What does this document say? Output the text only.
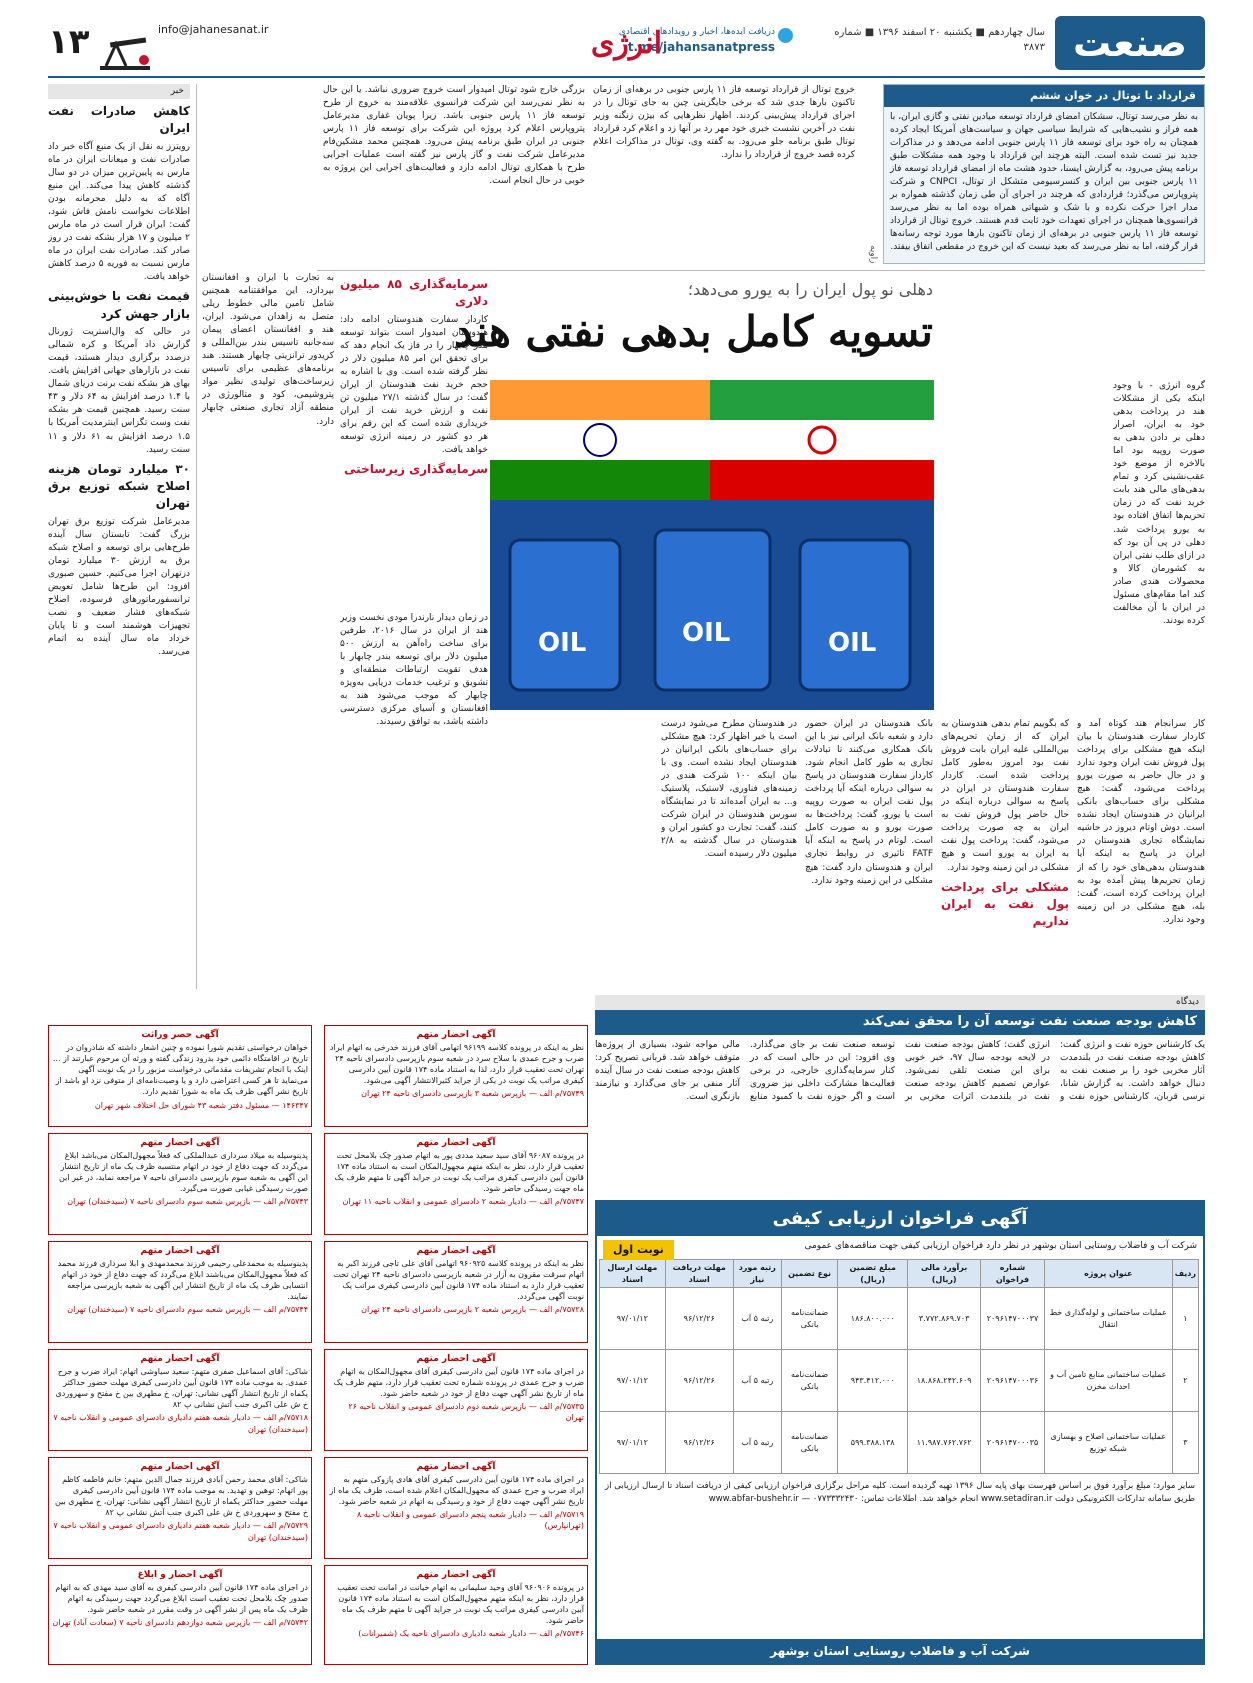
صنعت
سال چهاردهم ■ یکشنبه ۲۰ اسفند ۱۳۹۶ ■ شماره ۳۸۷۳
دریافت ایده‌ها، اخبار و رویدادهای اقتصادی
t.me/jahansanatpress
انرژی
info@jahanesanat.ir
۱۳
قرارداد با توتال در خوان ششم

به نظر می‌رسد توتال، سشکان امضای قرارداد توسعه میادین نفتی و گازی ایران، با همه فراز و نشیب‌هایی که شرایط سیاسی جهان و سیاست‌های آمریکا ایجاد کرده همچنان به راه خود برای توسعه فاز ۱۱ پارس جنوبی ادامه می‌دهد و در مذاکرات جدید نیز تست شده است. البته هرچند این قرارداد با وجود همه مشکلات طبق برنامه پیش می‌رود، به گزارش ایسنا، حدود هشت ماه از امضای قرارداد توسعه فاز ۱۱ پارس جنوبی بین ایران و کنسرسیومی متشکل از توتال، CNPCI و شرکت پتروپارس می‌گذرد؛ قراردادی که هرچند در اجرای آن طی زمان گذشته همواره بر مدار اجرا حرکت نکرده و با شک و شبهاتی همراه بوده اما به نظر می‌رسد فرانسوی‌ها همچنان در اجرای تعهدات خود ثابت قدم هستند. خروج توتال از قرارداد توسعه فاز ۱۱ پارس جنوبی در برهه‌ای از زمان تاکنون بارها مورد توجه رسانه‌ها قرار گرفته، اما به نظر می‌رسد که بعید نیست که این خروج در مقطعی اتفاق بیفتد.

زاویه
خروج توتال از قرارداد توسعه فاز ۱۱ پارس جنوبی در برهه‌ای از زمان تاکنون بارها جدی شد که برخی جایگزینی چین به جای توتال را در اجرای قرارداد پیش‌بینی کردند. اظهار نظرهایی که بیژن زنگنه وزیر نفت در آخرین نشست خبری خود مهر رد بر آنها زد و اعلام کرد قرارداد توتال طبق برنامه جلو می‌رود. به گفته وی، توتال در مذاکرات اعلام کرده قصد خروج از قرارداد را ندارد.
بزرگی خارج شود توتال امیدوار است خروج ضروری نباشد. یا این حال به نظر نمی‌رسد این شرکت فرانسوی علاقه‌مند به خروج از طرح توسعه فاز ۱۱ پارس جنوبی باشد. زیرا پویان غفاری مدیرعامل پتروپارس اعلام کرد پروژه این شرکت برای توسعه فاز ۱۱ پارس جنوبی در ایران طبق برنامه پیش می‌رود. همچنین محمد مشکین‌فام مدیرعامل شرکت نفت و گاز پارس نیز گفته است عملیات اجرایی طرح با همکاری توتال ادامه دارد و فعالیت‌های اجرایی این پروژه به خوبی در حال انجام است.
دهلی نو پول ایران را به یورو می‌دهد؛
تسویه کامل بدهی نفتی هند
OIL	OIL	OIL

گروه انرژی - با وجود اینکه یکی از مشکلات هند در پرداخت بدهی خود به ایران، اصرار دهلی بر دادن بدهی به صورت روپیه بود اما بالاخره از موضع خود عقب‌نشینی کرد و تمام بدهی‌های مالی هند بابت خرید نفت که در زمان تحریم‌ها اتفاق افتاده بود به یورو پرداخت شد. دهلی در پی آن بود که در ازای طلب نفتی ایران به کشورمان کالا و محصولات هندی صادر کند اما مقام‌های مسئول در ایران با آن مخالفت کرده بودند.

کار سرانجام هند کوتاه آمد و کاردار سفارت هندوستان با بیان اینکه هیچ مشکلی برای پرداخت پول فروش نفت ایران وجود ندارد و در حال حاضر به صورت یورو پرداخت می‌شود، گفت: هیچ مشکلی برای حساب‌های بانکی ایرانیان در هندوستان ایجاد نشده است. دوش اوتام دیروز در حاشیه نمایشگاه تجاری هندوستان در ایران در پاسخ به اینکه آیا هندوستان بدهی‌های خود را که از زمان تحریم‌ها پیش آمده بود به ایران پرداخت کرده است، گفت: بله، هیچ مشکلی در این زمینه وجود ندارد.

که بگوییم تمام بدهی هندوستان به ایران که از زمان تحریم‌های بین‌المللی علیه ایران بابت فروش نفت بود امروز به‌طور کامل پرداخت شده است. کاردار سفارت هندوستان در ایران در پاسخ به سوالی درباره اینکه در حال حاضر پول فروش نفت به ایران به چه صورت پرداخت می‌شود، گفت: پرداخت پول نفت به ایران به یورو است و هیچ مشکلی در این زمینه وجود ندارد.

مشکلی برای پرداخت پول نفت به ایران نداریم

بانک هندوستان در ایران حضور دارد و شعبه بانک ایرانی نیز با این بانک همکاری می‌کنند تا تبادلات تجاری به طور کامل انجام شود. کاردار سفارت هندوستان در پاسخ به سوالی درباره اینکه آیا پرداخت پول نفت ایران به صورت روپیه است یا یورو، گفت: پرداخت‌ها به صورت یورو و به صورت کامل است. لوتام در پاسخ به اینکه آیا FATF تاثیری در روابط تجاری ایران و هندوستان دارد گفت: هیچ مشکلی در این زمینه وجود ندارد.

در هندوستان مطرح می‌شود درست است یا خیر اظهار کرد: هیچ مشکلی برای حساب‌های بانکی ایرانیان در هندوستان ایجاد نشده است. وی با بیان اینکه ۱۰۰ شرکت هندی در زمینه‌های فناوری، لاستیک، پلاستیک و... به ایران آمده‌اند تا در نمایشگاه سورس هندوستان در ایران شرکت کنند، گفت: تجارت دو کشور ایران و هندوستان در سال گذشته به ۲/۸ میلیون دلار رسیده است.

سرمایه‌گذاری ۸۵ میلیون دلاری

کاردار سفارت هندوستان ادامه داد: هندوستان امیدوار است بتواند توسعه بندر چابهار را در فاز یک انجام دهد که برای تحقق این امر ۸۵ میلیون دلار در نظر گرفته شده است. وی با اشاره به حجم خرید نفت هندوستان از ایران گفت: در سال گذشته ۲۷/۱ میلیون تن نفت و ارزش خرید نفت از ایران خریداری شده است که این رقم برای هر دو کشور در زمینه انرژی توسعه خواهد یافت.

سرمایه‌گذاری زیرساختی

در زمان دیدار نارندرا مودی نخست وزیر هند از ایران در سال ۲۰۱۶، طرفین برای ساخت راه‌آهن به ارزش ۵۰۰ میلیون دلار برای توسعه بندر چابهار با هدف تقویت ارتباطات منطقه‌ای و تشویق و ترغیب خدمات دریایی به‌ویژه چابهار که موجب می‌شود هند به افغانستان و آسیای مرکزی دسترسی داشته باشد، به توافق رسیدند.

به تجارت با ایران و افغانستان بپردازد، این موافقتنامه همچنین شامل تامین مالی خطوط ریلی متصل به زاهدان می‌شود. ایران، هند و افغانستان اعضای پیمان سه‌جانبه تاسیس بندر بین‌المللی و کریدور ترانزیتی چابهار هستند. هند برنامه‌های عظیمی برای تاسیس زیرساخت‌های تولیدی نظیر مواد پتروشیمی، کود و متالورژی در منطقه آزاد تجاری صنعتی چابهار دارد.

خبر
کاهش صادرات نفت ایران

رویترز به نقل از یک منبع آگاه خبر داد صادرات نفت و میعانات ایران در ماه مارس به پایین‌ترین میزان در دو سال گذشته کاهش پیدا می‌کند. این منبع آگاه که به دلیل محرمانه بودن اطلاعات نخواست نامش فاش شود، گفت: ایران قرار است در ماه مارس ۲ میلیون و ۱۷ هزار بشکه نفت در روز صادر کند. صادرات نفت ایران در ماه مارس نسبت به فوریه ۵ درصد کاهش خواهد یافت.

قیمت نفت با خوش‌بینی بازار جهش کرد

در حالی که وال‌استریت ژورنال گزارش داد آمریکا و کره شمالی درصدد برگزاری دیدار هستند، قیمت نفت در بازارهای جهانی افزایش یافت. بهای هر بشکه نفت برنت دریای شمال با ۱.۴ درصد افزایش به ۶۴ دلار و ۴۳ سنت رسید. همچنین قیمت هر بشکه نفت وست تگزاس اینترمدیت آمریکا با ۱.۵ درصد افزایش به ۶۱ دلار و ۱۱ سنت رسید.

۳۰ میلیارد تومان هزینه اصلاح شبکه توزیع برق تهران

مدیرعامل شرکت توزیع برق تهران بزرگ گفت: تابستان سال آینده طرح‌هایی برای توسعه و اصلاح شبکه برق به ارزش ۳۰ میلیارد تومان درتهران اجرا می‌کنیم. حسین صبوری افزود: این طرح‌ها شامل تعویض ترانسفورماتورهای فرسوده، اصلاح شبکه‌های فشار ضعیف و نصب تجهیزات هوشمند است و تا پایان خرداد ماه سال آینده به اتمام می‌رسد.

دیدگاه
کاهش بودجه صنعت نفت توسعه آن را محقق نمی‌کند

یک کارشناس حوزه نفت و انرژی گفت: کاهش بودجه صنعت نفت در بلندمدت آثار مخربی خود را بر صنعت نفت به دنبال خواهد داشت. به گزارش شانا، نرسی قربان، کارشناس حوزه نفت و انرژی گفت: کاهش بودجه صنعت نفت در لایحه بودجه سال ۹۷، خبر خوبی برای این صنعت تلقی نمی‌شود. عوارض تصمیم کاهش بودجه صنعت نفت در بلندمدت اثرات مخربی بر توسعه صنعت نفت بر جای می‌گذارد. وی افزود: این در حالی است که در کنار سرمایه‌گذاری خارجی، در برخی فعالیت‌ها مشارکت داخلی نیز ضروری است و اگر حوزه نفت با کمبود منابع مالی مواجه شود، بسیاری از پروژه‌ها متوقف خواهد شد. قربانی تصریح کرد: کاهش بودجه صنعت نفت در سال آینده آثار منفی بر جای می‌گذارد و نیازمند بازنگری است.

آگهی احضار متهم
نظر به اینکه در پرونده کلاسه ۹۶۱۹۹ اتهامی آقای فرزند خدرخی به اتهام ایراد ضرب و جرح عمدی با سلاح سرد در شعبه سوم بازپرسی دادسرای ناحیه ۲۴ تهران تحت تعقیب قرار دارد، لذا به استناد ماده ۱۷۴ قانون آیین دادرسی کیفری مراتب یک نوبت در یکی از جراید کثیرالانتشار آگهی می‌شود.
۷۵۷۴۹/م الف — بازپرس شعبه ۳ بازپرسی دادسرای ناحیه ۲۴ تهران
آگهی حصر وراثت
خواهان درخواستی تقدیم شورا نموده و چنین اشعار داشته که شادروان در تاریخ در اقامتگاه دائمی خود بدرود زندگی گفته و ورثه آن مرحوم عبارتند از ... اینک با انجام تشریفات مقدماتی درخواست مزبور را در یک نوبت آگهی می‌نماید تا هر کسی اعتراضی دارد و یا وصیت‌نامه‌ای از متوفی نزد او باشد از تاریخ نشر آگهی ظرف یک ماه به شورا تقدیم دارد.
۱۴۶۳۴۷ — مسئول دفتر شعبه ۴۳ شورای حل اختلاف شهر تهران
آگهی احضار متهم
در پرونده ۹۶۰۸۷ آقای سید سعید مددی پور به اتهام صدور چک بلامحل تحت تعقیب قرار دارد، نظر به اینکه متهم مجهول‌المکان است به استناد ماده ۱۷۴ قانون آیین دادرسی کیفری مراتب یک نوبت در جراید آگهی تا متهم ظرف یک ماه جهت رسیدگی حاضر شود.
۷۵۷۴۷/م الف — دادیار شعبه ۲ دادسرای عمومی و انقلاب ناحیه ۱۱ تهران
آگهی احضار متهم
پدینوسیله به میلاد سرداری عبدالملکی که فعلاً مجهول‌المکان می‌باشد ابلاغ می‌گردد که جهت دفاع از خود در اتهام منتسبه ظرف یک ماه از تاریخ انتشار این آگهی به شعبه سوم بازپرسی دادسرای ناحیه ۷ مراجعه نماید، در غیر این صورت رسیدگی غیابی صورت می‌گیرد.
۷۵۷۴۳/م الف — بازپرس شعبه سوم دادسرای ناحیه ۷ (سیدخندان) تهران
آگهی احضار متهم
نظر به اینکه در پرونده کلاسه ۹۶۰۹۲۵ اتهامی آقای علی تاجی فرزند اکبر به اتهام سرقت مقرون به آزار در شعبه بازپرسی دادسرای ناحیه ۲۴ تهران تحت تعقیب قرار دارد به استناد ماده ۱۷۴ قانون آیین دادرسی کیفری مراتب یک نوبت آگهی می‌گردد.
۷۵۷۲۸/م الف — بازپرس شعبه ۲ بازپرسی دادسرای ناحیه ۲۴ تهران
آگهی احضار متهم
پدینوسیله به محمدعلی رحیمی فرزند محمدمهدی و ابلا سرداری فرزند محمد که فعلاً مجهول‌المکان می‌باشند ابلاغ می‌گردد که جهت دفاع از خود در اتهام انتسابی ظرف یک ماه از تاریخ انتشار این آگهی به شعبه بازپرسی مراجعه نمایند.
۷۵۷۴۴/م الف — بازپرس شعبه سوم دادسرای ناحیه ۷ (سیدخندان) تهران
آگهی احضار متهم
در اجرای ماده ۱۷۴ قانون آیین دادرسی کیفری آقای مجهول‌المکان به اتهام ضرب و جرح عمدی در پرونده شماره تحت تعقیب قرار دارد، متهم ظرف یک ماه از تاریخ نشر آگهی جهت دفاع از خود در شعبه حاضر شود.
۷۵۷۳۵/م الف — بازپرس شعبه دوم دادسرای عمومی و انقلاب ناحیه ۲۶ تهران
آگهی احضار متهم
شاکی: آقای اسماعیل صفری متهم: سعید سیاوشی اتهام: ایراد ضرب و جرح عمدی. به موجب ماده ۱۷۴ قانون آیین دادرسی کیفری مهلت حضور حداکثر یکماه از تاریخ انتشار آگهی نشانی: تهران، خ مطهری بین خ مفتح و سهروردی خ ش علی اکبری جنب آتش نشانی پ ۸۲
۷۵۷۱۸/م الف — دادیار شعبه هفتم دادیاری دادسرای عمومی و انقلاب ناحیه ۷ (سیدخندان) تهران
آگهی احضار متهم
در اجرای ماده ۱۷۴ قانون آیین دادرسی کیفری آقای هادی پازوکی متهم به ایراد ضرب و جرح عمدی که مجهول‌المکان اعلام شده است، ظرف یک ماه از تاریخ نشر آگهی جهت دفاع از خود و رسیدگی به اتهام در شعبه حاضر شود.
۷۵۷۱۹/م الف — دادیار شعبه پنجم دادسرای عمومی و انقلاب ناحیه ۸ (تهرانپارس)
آگهی احضار متهم
شاکی: آقای محمد رحمن آبادی فرزند جمال الدین متهم: خانم فاطمه کاظم پور اتهام: توهین و تهدید. به موجب ماده ۱۷۴ قانون آیین دادرسی کیفری مهلت حضور حداکثر یکماه از تاریخ انتشار آگهی نشانی: تهران، خ مطهری بین خ مفتح و سهروردی خ ش علی اکبری جنب آتش نشانی پ ۸۲
۷۵۷۲۹/م الف — دادیار شعبه هفتم دادیاری دادسرای عمومی و انقلاب ناحیه ۷ (سیدخندان) تهران
آگهی احضار متهم
در پرونده ۹۶۰۹۰۶ آقای وحید سلیمانی به اتهام خیانت در امانت تحت تعقیب قرار دارد، نظر به اینکه متهم مجهول‌المکان است به استناد ماده ۱۷۴ قانون آیین دادرسی کیفری مراتب یک نوبت در جراید آگهی تا متهم ظرف یک ماه حاضر شود.
۷۵۷۴۶/م الف — دادیار شعبه دادیاری دادسرای ناحیه یک (شمیرانات)
آگهی احضار و ابلاغ
در اجرای ماده ۱۷۴ قانون آیین دادرسی کیفری به آقای سید مهدی که به اتهام صدور چک بلامحل تحت تعقیب است ابلاغ می‌گردد جهت رسیدگی به اتهام ظرف یک ماه پس از نشر آگهی در وقت مقرر در شعبه حاضر شود.
۷۵۷۴۲/م الف — بازپرس شعبه دوازدهم دادسرای ناحیه ۷ (سعادت آباد) تهران
آگهی فراخوان ارزیابی کیفی
نوبت اول	شرکت آب و فاضلاب روستایی استان بوشهر در نظر دارد فراخوان ارزیابی کیفی جهت مناقصه‌های عمومی
ردیف	عنوان پروژه	شماره فراخوان	برآورد مالی (ریال)	مبلغ تضمین (ریال)	نوع تضمین	رتبه مورد نیاز	مهلت دریافت اسناد	مهلت ارسال اسناد
۱	عملیات ساختمانی و لوله‌گذاری خط انتقال	۲۰۹۶۱۴۷۰۰۰۳۷	۳.۷۷۲.۸۶۹.۷۰۳	۱۸۶.۸۰۰.۰۰۰	ضمانت‌نامه بانکی	رتبه ۵ آب	۹۶/۱۲/۲۶	۹۷/۰۱/۱۲
۲	عملیات ساختمانی منابع تامین آب و احداث مخزن	۲۰۹۶۱۴۷۰۰۰۳۶	۱۸.۸۶۸.۲۴۲.۶۰۹	۹۴۳.۴۱۲.۰۰۰	ضمانت‌نامه بانکی	رتبه ۵ آب	۹۶/۱۲/۲۶	۹۷/۰۱/۱۲
۳	عملیات ساختمانی اصلاح و بهسازی شبکه توزیع	۲۰۹۶۱۴۷۰۰۰۳۵	۱۱.۹۸۷.۷۶۲.۷۶۲	۵۹۹.۳۸۸.۱۳۸	ضمانت‌نامه بانکی	رتبه ۵ آب	۹۶/۱۲/۲۶	۹۷/۰۱/۱۲
سایر موارد: مبلغ برآورد فوق بر اساس فهرست بهای پایه سال ۱۳۹۶ تهیه گردیده است. کلیه مراحل برگزاری فراخوان ارزیابی کیفی از دریافت اسناد تا ارسال ارزیابی از طریق سامانه تدارکات الکترونیکی دولت www.setadiran.ir انجام خواهد شد. اطلاعات تماس: ۰۷۷۳۳۳۲۴۳۰ — www.abfar-bushehr.ir
شرکت آب و فاضلاب روستایی استان بوشهر
